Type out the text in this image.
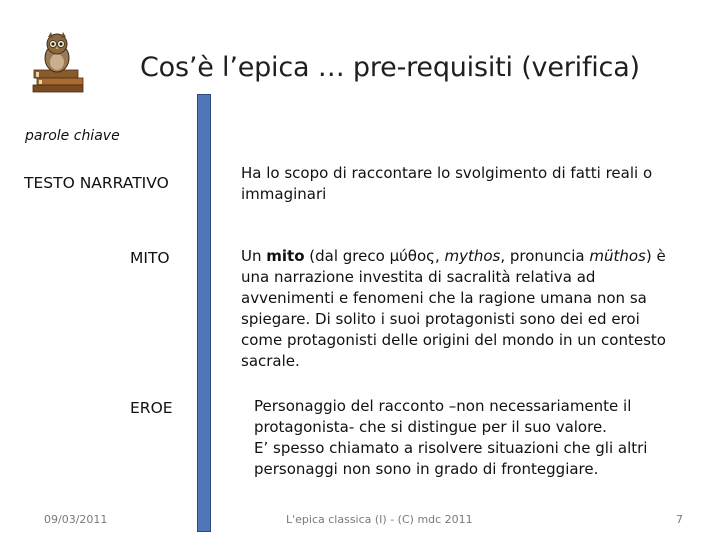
Cos’è l’epica … pre-requisiti (verifica)
parole chiave
TESTO NARRATIVO
MITO
EROE
Ha lo scopo di raccontare lo svolgimento di fatti reali o immaginari
Un mito (dal greco μύθος, mythos, pronuncia müthos) è una narrazione investita di sacralità relativa ad avvenimenti e fenomeni che la ragione umana non sa spiegare. Di solito i suoi protagonisti sono dei ed eroi come protagonisti delle origini del mondo in un contesto sacrale.
Personaggio del racconto –non necessariamente il protagonista- che si distingue per il suo valore.
E’ spesso chiamato a risolvere situazioni che gli altri personaggi non sono in grado di fronteggiare.
09/03/2011	L'epica classica (I) - (C) mdc 2011	7
